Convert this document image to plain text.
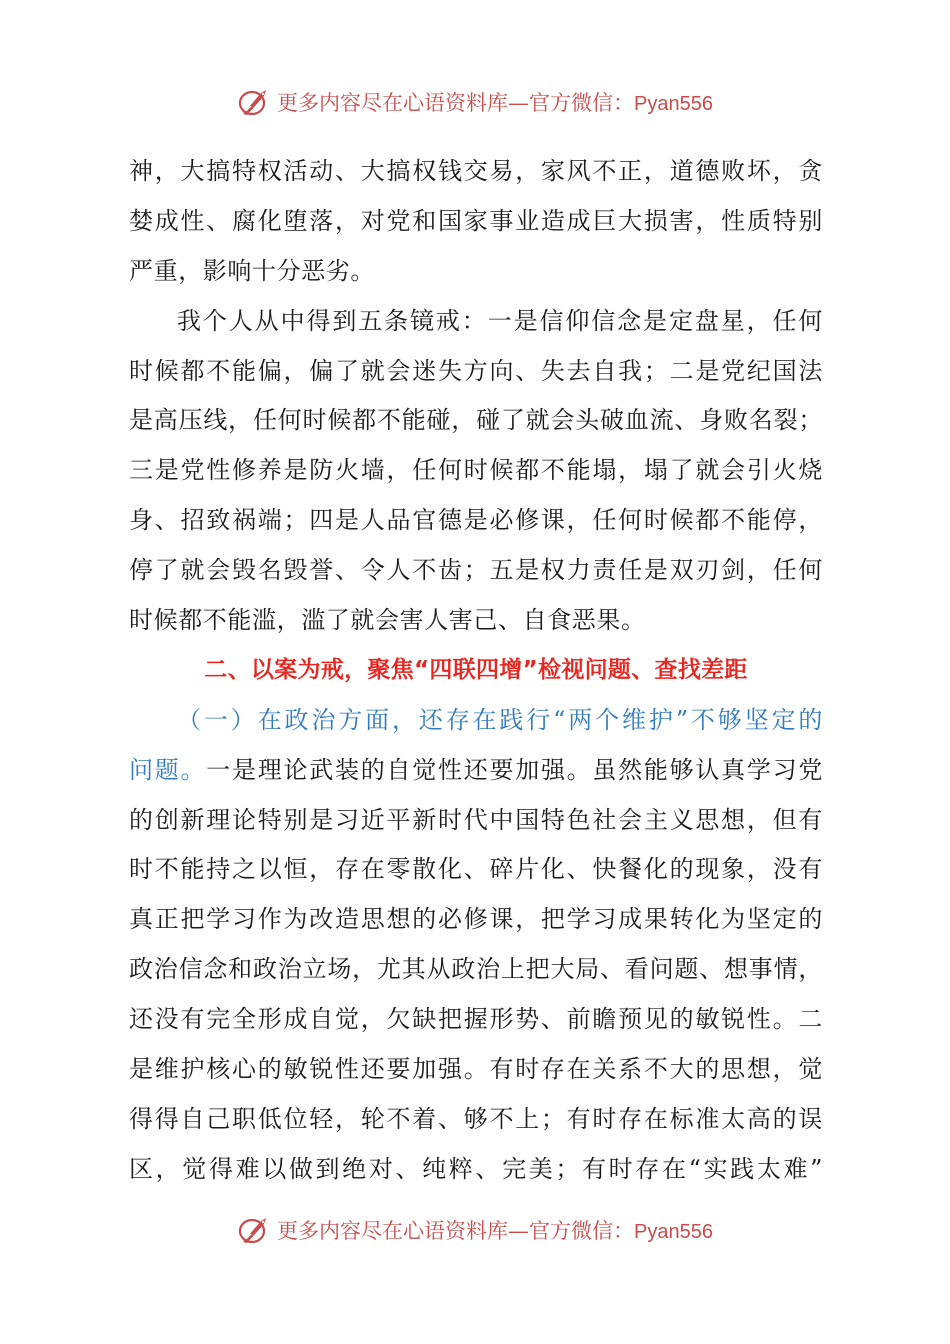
更多内容尽在心语资料库—官方微信：Pyan556
神，大搞特权活动、大搞权钱交易，家风不正，道德败坏，贪
婪成性、腐化堕落，对党和国家事业造成巨大损害，性质特别
严重，影响十分恶劣。
我个人从中得到五条镜戒：一是信仰信念是定盘星，任何
时候都不能偏，偏了就会迷失方向、失去自我；二是党纪国法
是高压线，任何时候都不能碰，碰了就会头破血流、身败名裂；
三是党性修养是防火墙，任何时候都不能塌，塌了就会引火烧
身、招致祸端；四是人品官德是必修课，任何时候都不能停，
停了就会毁名毁誉、令人不齿；五是权力责任是双刃剑，任何
时候都不能滥，滥了就会害人害己、自食恶果。
二、以案为戒，聚焦“四联四增”检视问题、查找差距
（一）在政治方面，还存在践行“两个维护”不够坚定的
问题。一是理论武装的自觉性还要加强。虽然能够认真学习党
的创新理论特别是习近平新时代中国特色社会主义思想，但有
时不能持之以恒，存在零散化、碎片化、快餐化的现象，没有
真正把学习作为改造思想的必修课，把学习成果转化为坚定的
政治信念和政治立场，尤其从政治上把大局、看问题、想事情，
还没有完全形成自觉，欠缺把握形势、前瞻预见的敏锐性。二
是维护核心的敏锐性还要加强。有时存在关系不大的思想，觉
得得自己职低位轻，轮不着、够不上；有时存在标准太高的误
区，觉得难以做到绝对、纯粹、完美；有时存在“实践太难”
更多内容尽在心语资料库—官方微信：Pyan556
